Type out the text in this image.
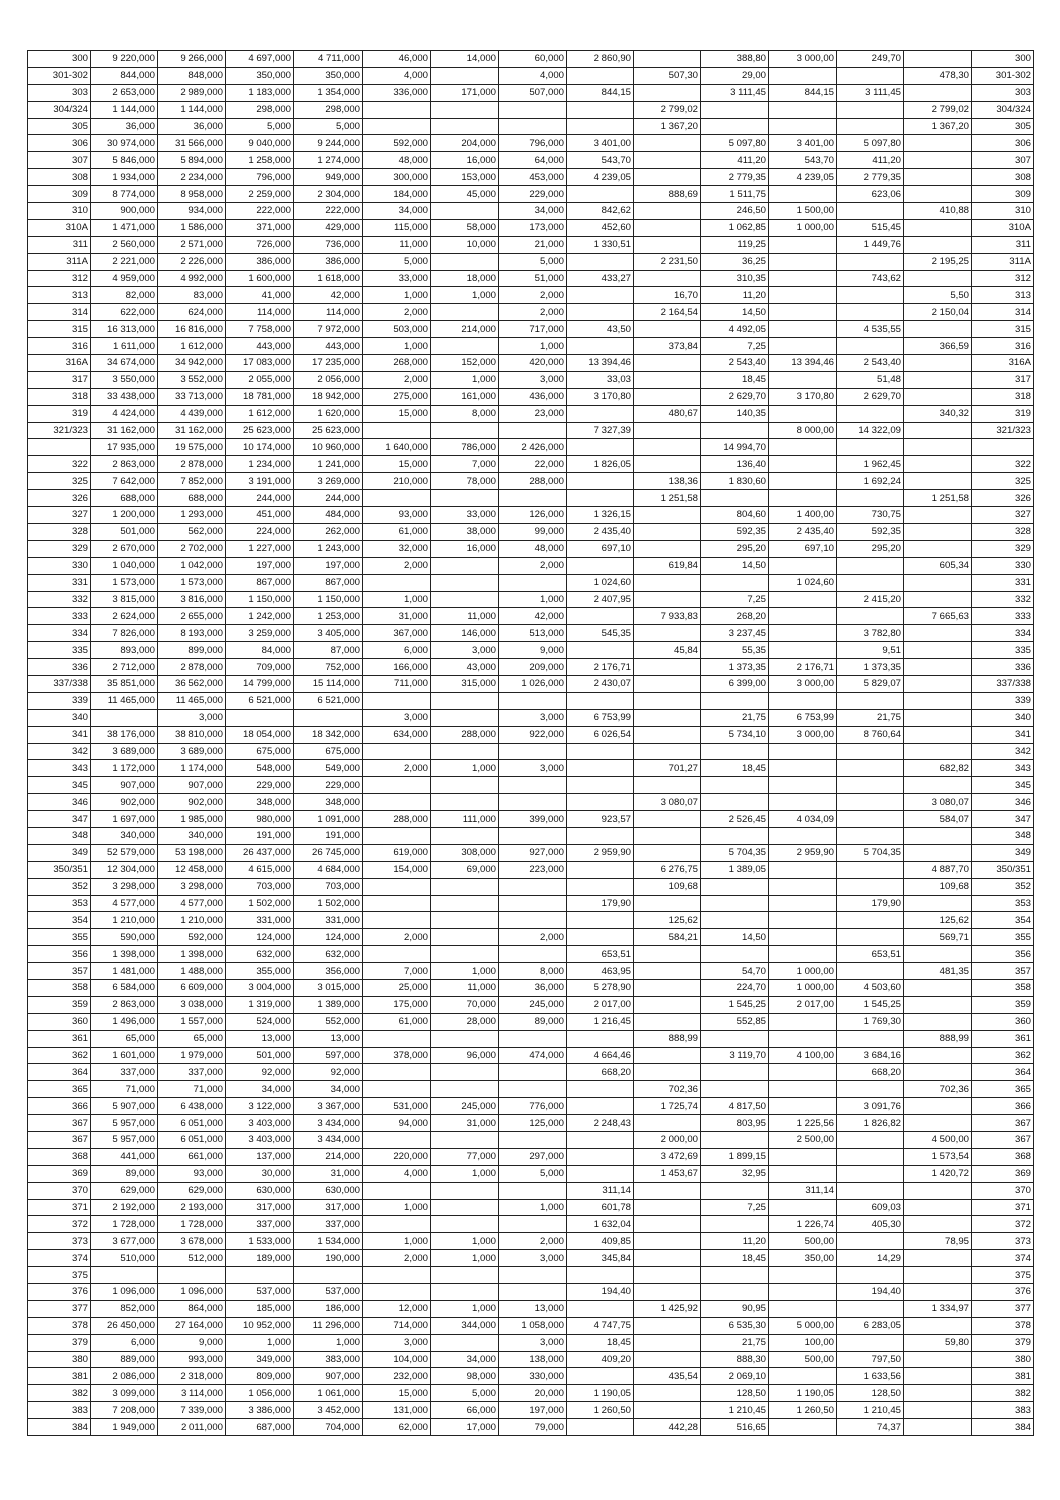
300	9 220,000	9 266,000	4 697,000	4 711,000	46,000	14,000	60,000	2 860,90		388,80	3 000,00	249,70		300
301-302	844,000	848,000	350,000	350,000	4,000		4,000		507,30	29,00			478,30	301-302
303	2 653,000	2 989,000	1 183,000	1 354,000	336,000	171,000	507,000	844,15		3 111,45	844,15	3 111,45		303
304/324	1 144,000	1 144,000	298,000	298,000					2 799,02				2 799,02	304/324
305	36,000	36,000	5,000	5,000					1 367,20				1 367,20	305
306	30 974,000	31 566,000	9 040,000	9 244,000	592,000	204,000	796,000	3 401,00		5 097,80	3 401,00	5 097,80		306
307	5 846,000	5 894,000	1 258,000	1 274,000	48,000	16,000	64,000	543,70		411,20	543,70	411,20		307
308	1 934,000	2 234,000	796,000	949,000	300,000	153,000	453,000	4 239,05		2 779,35	4 239,05	2 779,35		308
309	8 774,000	8 958,000	2 259,000	2 304,000	184,000	45,000	229,000		888,69	1 511,75		623,06		309
310	900,000	934,000	222,000	222,000	34,000		34,000	842,62		246,50	1 500,00		410,88	310
310A	1 471,000	1 586,000	371,000	429,000	115,000	58,000	173,000	452,60		1 062,85	1 000,00	515,45		310A
311	2 560,000	2 571,000	726,000	736,000	11,000	10,000	21,000	1 330,51		119,25		1 449,76		311
311A	2 221,000	2 226,000	386,000	386,000	5,000		5,000		2 231,50	36,25			2 195,25	311A
312	4 959,000	4 992,000	1 600,000	1 618,000	33,000	18,000	51,000	433,27		310,35		743,62		312
313	82,000	83,000	41,000	42,000	1,000	1,000	2,000		16,70	11,20			5,50	313
314	622,000	624,000	114,000	114,000	2,000		2,000		2 164,54	14,50			2 150,04	314
315	16 313,000	16 816,000	7 758,000	7 972,000	503,000	214,000	717,000	43,50		4 492,05		4 535,55		315
316	1 611,000	1 612,000	443,000	443,000	1,000		1,000		373,84	7,25			366,59	316
316A	34 674,000	34 942,000	17 083,000	17 235,000	268,000	152,000	420,000	13 394,46		2 543,40	13 394,46	2 543,40		316A
317	3 550,000	3 552,000	2 055,000	2 056,000	2,000	1,000	3,000	33,03		18,45		51,48		317
318	33 438,000	33 713,000	18 781,000	18 942,000	275,000	161,000	436,000	3 170,80		2 629,70	3 170,80	2 629,70		318
319	4 424,000	4 439,000	1 612,000	1 620,000	15,000	8,000	23,000		480,67	140,35			340,32	319
321/323	31 162,000	31 162,000	25 623,000	25 623,000				7 327,39			8 000,00	14 322,09		321/323
	17 935,000	19 575,000	10 174,000	10 960,000	1 640,000	786,000	2 426,000			14 994,70				
322	2 863,000	2 878,000	1 234,000	1 241,000	15,000	7,000	22,000	1 826,05		136,40		1 962,45		322
325	7 642,000	7 852,000	3 191,000	3 269,000	210,000	78,000	288,000		138,36	1 830,60		1 692,24		325
326	688,000	688,000	244,000	244,000					1 251,58				1 251,58	326
327	1 200,000	1 293,000	451,000	484,000	93,000	33,000	126,000	1 326,15		804,60	1 400,00	730,75		327
328	501,000	562,000	224,000	262,000	61,000	38,000	99,000	2 435,40		592,35	2 435,40	592,35		328
329	2 670,000	2 702,000	1 227,000	1 243,000	32,000	16,000	48,000	697,10		295,20	697,10	295,20		329
330	1 040,000	1 042,000	197,000	197,000	2,000		2,000		619,84	14,50			605,34	330
331	1 573,000	1 573,000	867,000	867,000				1 024,60			1 024,60			331
332	3 815,000	3 816,000	1 150,000	1 150,000	1,000		1,000	2 407,95		7,25		2 415,20		332
333	2 624,000	2 655,000	1 242,000	1 253,000	31,000	11,000	42,000		7 933,83	268,20			7 665,63	333
334	7 826,000	8 193,000	3 259,000	3 405,000	367,000	146,000	513,000	545,35		3 237,45		3 782,80		334
335	893,000	899,000	84,000	87,000	6,000	3,000	9,000		45,84	55,35		9,51		335
336	2 712,000	2 878,000	709,000	752,000	166,000	43,000	209,000	2 176,71		1 373,35	2 176,71	1 373,35		336
337/338	35 851,000	36 562,000	14 799,000	15 114,000	711,000	315,000	1 026,000	2 430,07		6 399,00	3 000,00	5 829,07		337/338
339	11 465,000	11 465,000	6 521,000	6 521,000										339
340		3,000			3,000		3,000	6 753,99		21,75	6 753,99	21,75		340
341	38 176,000	38 810,000	18 054,000	18 342,000	634,000	288,000	922,000	6 026,54		5 734,10	3 000,00	8 760,64		341
342	3 689,000	3 689,000	675,000	675,000										342
343	1 172,000	1 174,000	548,000	549,000	2,000	1,000	3,000		701,27	18,45			682,82	343
345	907,000	907,000	229,000	229,000										345
346	902,000	902,000	348,000	348,000					3 080,07				3 080,07	346
347	1 697,000	1 985,000	980,000	1 091,000	288,000	111,000	399,000	923,57		2 526,45	4 034,09		584,07	347
348	340,000	340,000	191,000	191,000										348
349	52 579,000	53 198,000	26 437,000	26 745,000	619,000	308,000	927,000	2 959,90		5 704,35	2 959,90	5 704,35		349
350/351	12 304,000	12 458,000	4 615,000	4 684,000	154,000	69,000	223,000		6 276,75	1 389,05			4 887,70	350/351
352	3 298,000	3 298,000	703,000	703,000					109,68				109,68	352
353	4 577,000	4 577,000	1 502,000	1 502,000				179,90				179,90		353
354	1 210,000	1 210,000	331,000	331,000					125,62				125,62	354
355	590,000	592,000	124,000	124,000	2,000		2,000		584,21	14,50			569,71	355
356	1 398,000	1 398,000	632,000	632,000				653,51				653,51		356
357	1 481,000	1 488,000	355,000	356,000	7,000	1,000	8,000	463,95		54,70	1 000,00		481,35	357
358	6 584,000	6 609,000	3 004,000	3 015,000	25,000	11,000	36,000	5 278,90		224,70	1 000,00	4 503,60		358
359	2 863,000	3 038,000	1 319,000	1 389,000	175,000	70,000	245,000	2 017,00		1 545,25	2 017,00	1 545,25		359
360	1 496,000	1 557,000	524,000	552,000	61,000	28,000	89,000	1 216,45		552,85		1 769,30		360
361	65,000	65,000	13,000	13,000					888,99				888,99	361
362	1 601,000	1 979,000	501,000	597,000	378,000	96,000	474,000	4 664,46		3 119,70	4 100,00	3 684,16		362
364	337,000	337,000	92,000	92,000				668,20				668,20		364
365	71,000	71,000	34,000	34,000					702,36				702,36	365
366	5 907,000	6 438,000	3 122,000	3 367,000	531,000	245,000	776,000		1 725,74	4 817,50		3 091,76		366
367	5 957,000	6 051,000	3 403,000	3 434,000	94,000	31,000	125,000	2 248,43		803,95	1 225,56	1 826,82		367
367	5 957,000	6 051,000	3 403,000	3 434,000					2 000,00		2 500,00		4 500,00	367
368	441,000	661,000	137,000	214,000	220,000	77,000	297,000		3 472,69	1 899,15			1 573,54	368
369	89,000	93,000	30,000	31,000	4,000	1,000	5,000		1 453,67	32,95			1 420,72	369
370	629,000	629,000	630,000	630,000				311,14			311,14			370
371	2 192,000	2 193,000	317,000	317,000	1,000		1,000	601,78		7,25		609,03		371
372	1 728,000	1 728,000	337,000	337,000				1 632,04			1 226,74	405,30		372
373	3 677,000	3 678,000	1 533,000	1 534,000	1,000	1,000	2,000	409,85		11,20	500,00		78,95	373
374	510,000	512,000	189,000	190,000	2,000	1,000	3,000	345,84		18,45	350,00	14,29		374
375														375
376	1 096,000	1 096,000	537,000	537,000				194,40				194,40		376
377	852,000	864,000	185,000	186,000	12,000	1,000	13,000		1 425,92	90,95			1 334,97	377
378	26 450,000	27 164,000	10 952,000	11 296,000	714,000	344,000	1 058,000	4 747,75		6 535,30	5 000,00	6 283,05		378
379	6,000	9,000	1,000	1,000	3,000		3,000	18,45		21,75	100,00		59,80	379
380	889,000	993,000	349,000	383,000	104,000	34,000	138,000	409,20		888,30	500,00	797,50		380
381	2 086,000	2 318,000	809,000	907,000	232,000	98,000	330,000		435,54	2 069,10		1 633,56		381
382	3 099,000	3 114,000	1 056,000	1 061,000	15,000	5,000	20,000	1 190,05		128,50	1 190,05	128,50		382
383	7 208,000	7 339,000	3 386,000	3 452,000	131,000	66,000	197,000	1 260,50		1 210,45	1 260,50	1 210,45		383
384	1 949,000	2 011,000	687,000	704,000	62,000	17,000	79,000		442,28	516,65		74,37		384
